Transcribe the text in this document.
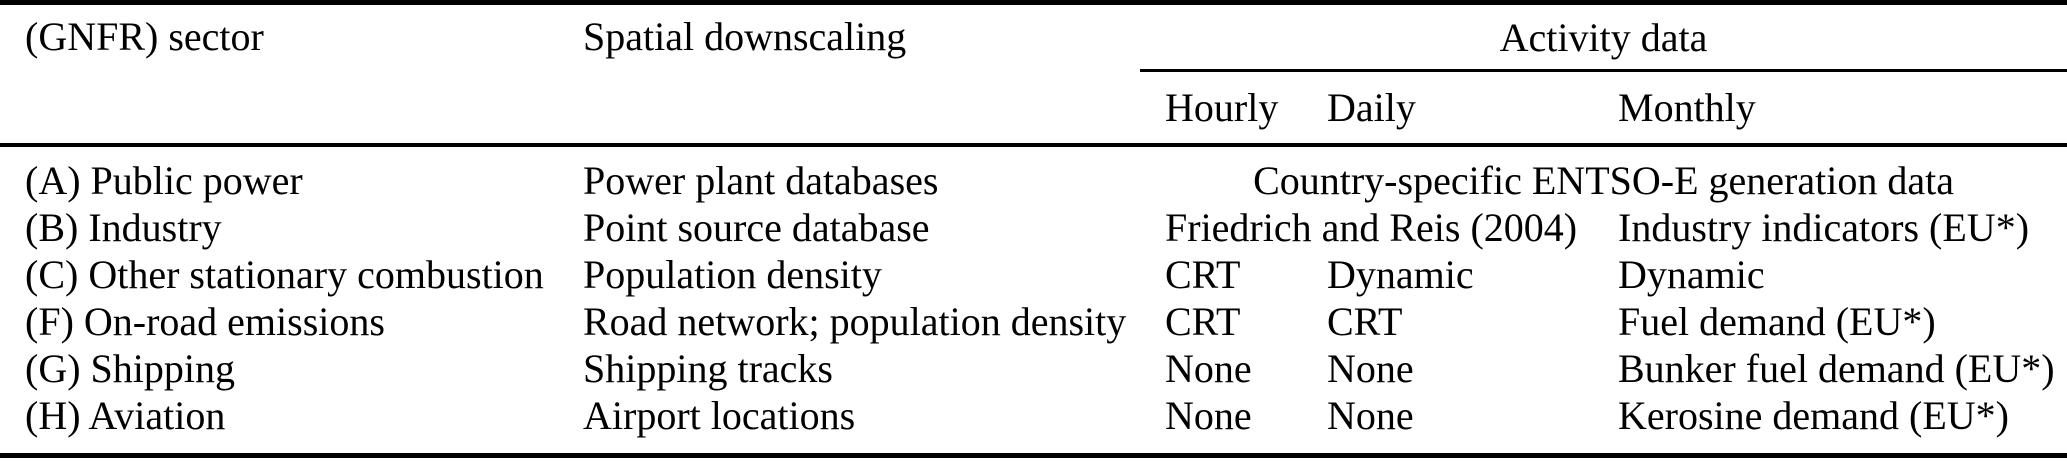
(GNFR) sector	Spatial downscaling	Activity data		
		Hourly	Daily	Monthly
(A) Public power	Power plant databases	Country-specific ENTSO-E generation data		
(B) Industry	Point source database	Friedrich and Reis (2004)		Industry indicators (EU*)
(C) Other stationary combustion	Population density	CRT	Dynamic	Dynamic
(F) On-road emissions	Road network; population density	CRT	CRT	Fuel demand (EU*)
(G) Shipping	Shipping tracks	None	None	Bunker fuel demand (EU*)
(H) Aviation	Airport locations	None	None	Kerosine demand (EU*)
